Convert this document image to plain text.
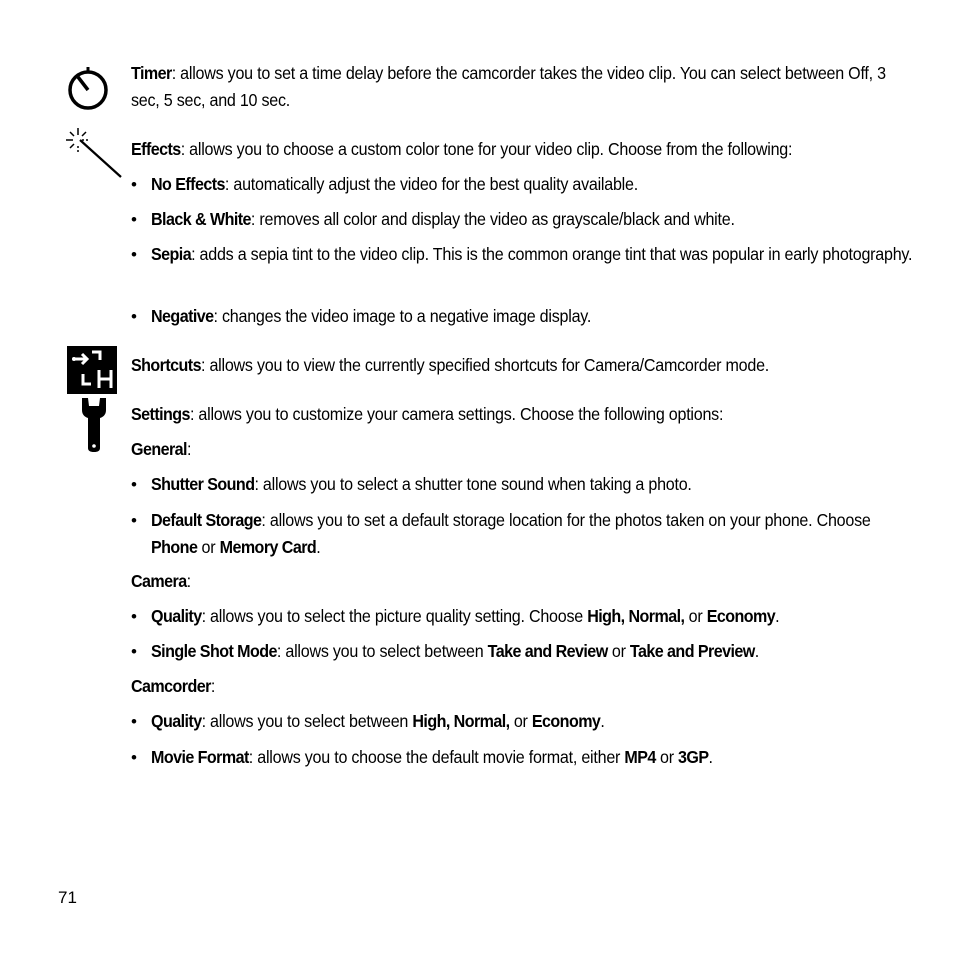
Timer: allows you to set a time delay before the camcorder takes the video clip. You can select between Off, 3 sec, 5 sec, and 10 sec.
Effects: allows you to choose a custom color tone for your video clip. Choose from the following:
• No Effects: automatically adjust the video for the best quality available.
• Black & White: removes all color and display the video as grayscale/black and white.
• Sepia: adds a sepia tint to the video clip. This is the common orange tint that was popular in early photography.
• Negative: changes the video image to a negative image display.
Shortcuts: allows you to view the currently specified shortcuts for Camera/Camcorder mode.
Settings: allows you to customize your camera settings. Choose the following options:
General:
• Shutter Sound: allows you to select a shutter tone sound when taking a photo.
• Default Storage: allows you to set a default storage location for the photos taken on your phone. Choose Phone or Memory Card.
Camera:
• Quality: allows you to select the picture quality setting. Choose High, Normal, or Economy.
• Single Shot Mode: allows you to select between Take and Review or Take and Preview.
Camcorder:
• Quality: allows you to select between High, Normal, or Economy.
• Movie Format: allows you to choose the default movie format, either MP4 or 3GP.
71
